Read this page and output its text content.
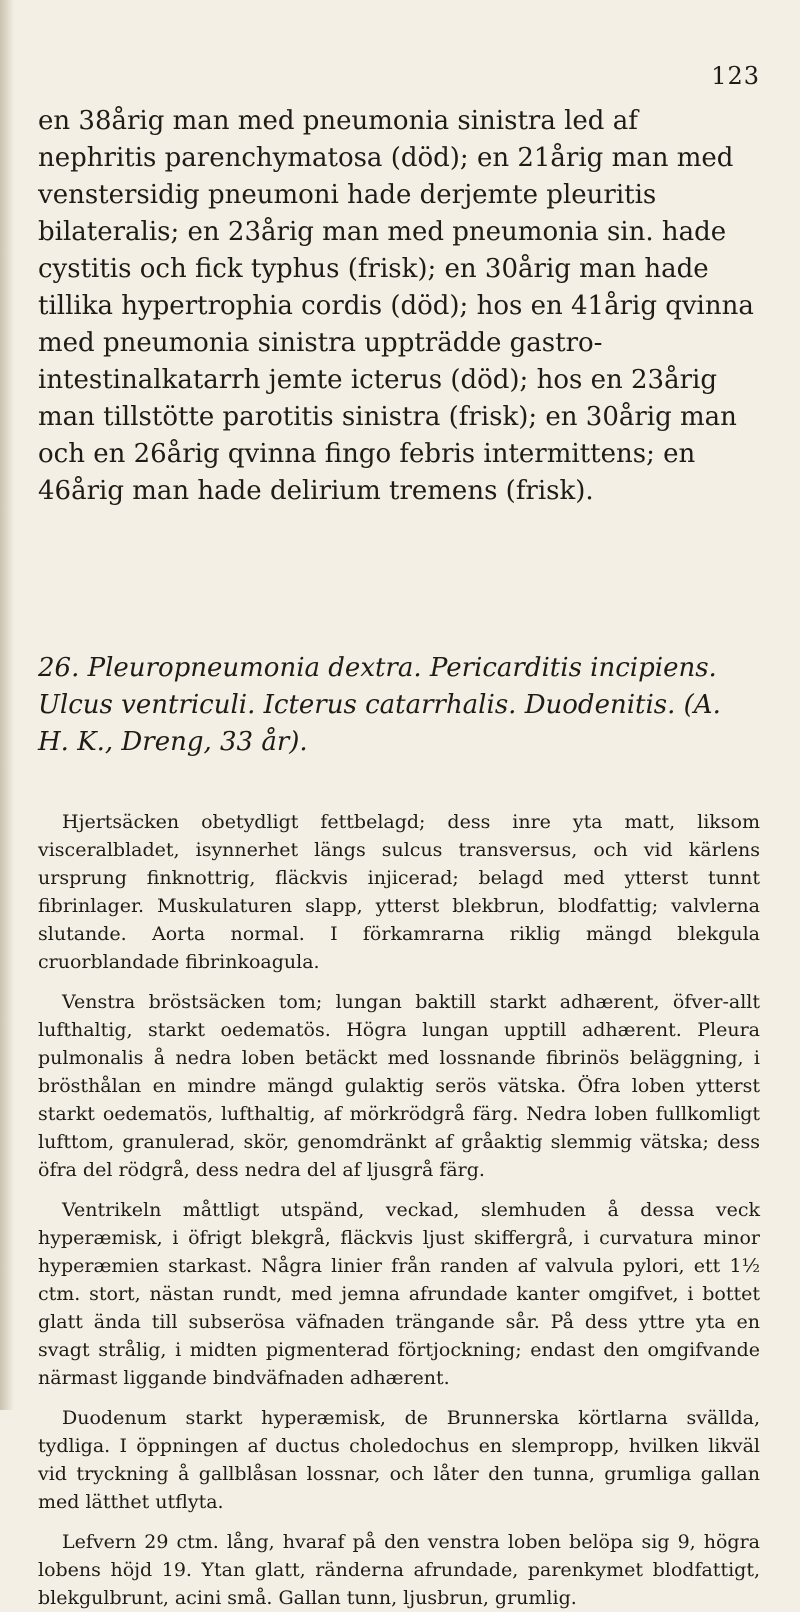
123

en 38årig man med pneumonia sinistra led af nephritis parenchymatosa (död); en 21årig man med venstersidig pneumoni hade derjemte pleuritis bilateralis; en 23årig man med pneumonia sin. hade cystitis och fick typhus (frisk); en 30årig man hade tillika hypertrophia cordis (död); hos en 41årig qvinna med pneumonia sinistra uppträdde gastro-intestinalkatarrh jemte icterus (död); hos en 23årig man tillstötte parotitis sinistra (frisk); en 30årig man och en 26årig qvinna fingo febris intermittens; en 46årig man hade delirium tremens (frisk).

26. Pleuropneumonia dextra. Pericarditis incipiens. Ulcus ventriculi. Icterus catarrhalis. Duodenitis. (A. H. K., Dreng, 33 år).

Hjertsäcken obetydligt fettbelagd; dess inre yta matt, liksom visceralbladet, isynnerhet längs sulcus transversus, och vid kärlens ursprung finknottrig, fläckvis injicerad; belagd med ytterst tunnt fibrinlager. Muskulaturen slapp, ytterst blekbrun, blodfattig; valvlerna slutande. Aorta normal. I förkamrarna riklig mängd blekgula cruorblandade fibrinkoagula.

Venstra bröstsäcken tom; lungan baktill starkt adhærent, öfver-allt lufthaltig, starkt oedematös. Högra lungan upptill adhærent. Pleura pulmonalis å nedra loben betäckt med lossnande fibrinös beläggning, i brösthålan en mindre mängd gulaktig serös vätska. Öfra loben ytterst starkt oedematös, lufthaltig, af mörkrödgrå färg. Nedra loben fullkomligt lufttom, granulerad, skör, genomdränkt af gråaktig slemmig vätska; dess öfra del rödgrå, dess nedra del af ljusgrå färg.

Ventrikeln måttligt utspänd, veckad, slemhuden å dessa veck hyperæmisk, i öfrigt blekgrå, fläckvis ljust skiffergrå, i curvatura minor hyperæmien starkast. Några linier från randen af valvula pylori, ett 1½ ctm. stort, nästan rundt, med jemna afrundade kanter omgifvet, i bottet glatt ända till subserösa väfnaden trängande sår. På dess yttre yta en svagt strålig, i midten pigmenterad förtjockning; endast den omgifvande närmast liggande bindväfnaden adhærent.

Duodenum starkt hyperæmisk, de Brunnerska körtlarna svällda, tydliga. I öppningen af ductus choledochus en slempropp, hvilken likväl vid tryckning å gallblåsan lossnar, och låter den tunna, grumliga gallan med lätthet utflyta.

Lefvern 29 ctm. lång, hvaraf på den venstra loben belöpa sig 9, högra lobens höjd 19. Ytan glatt, ränderna afrundade, parenkymet blodfattigt, blekgulbrunt, acini små. Gallan tunn, ljusbrun, grumlig.
